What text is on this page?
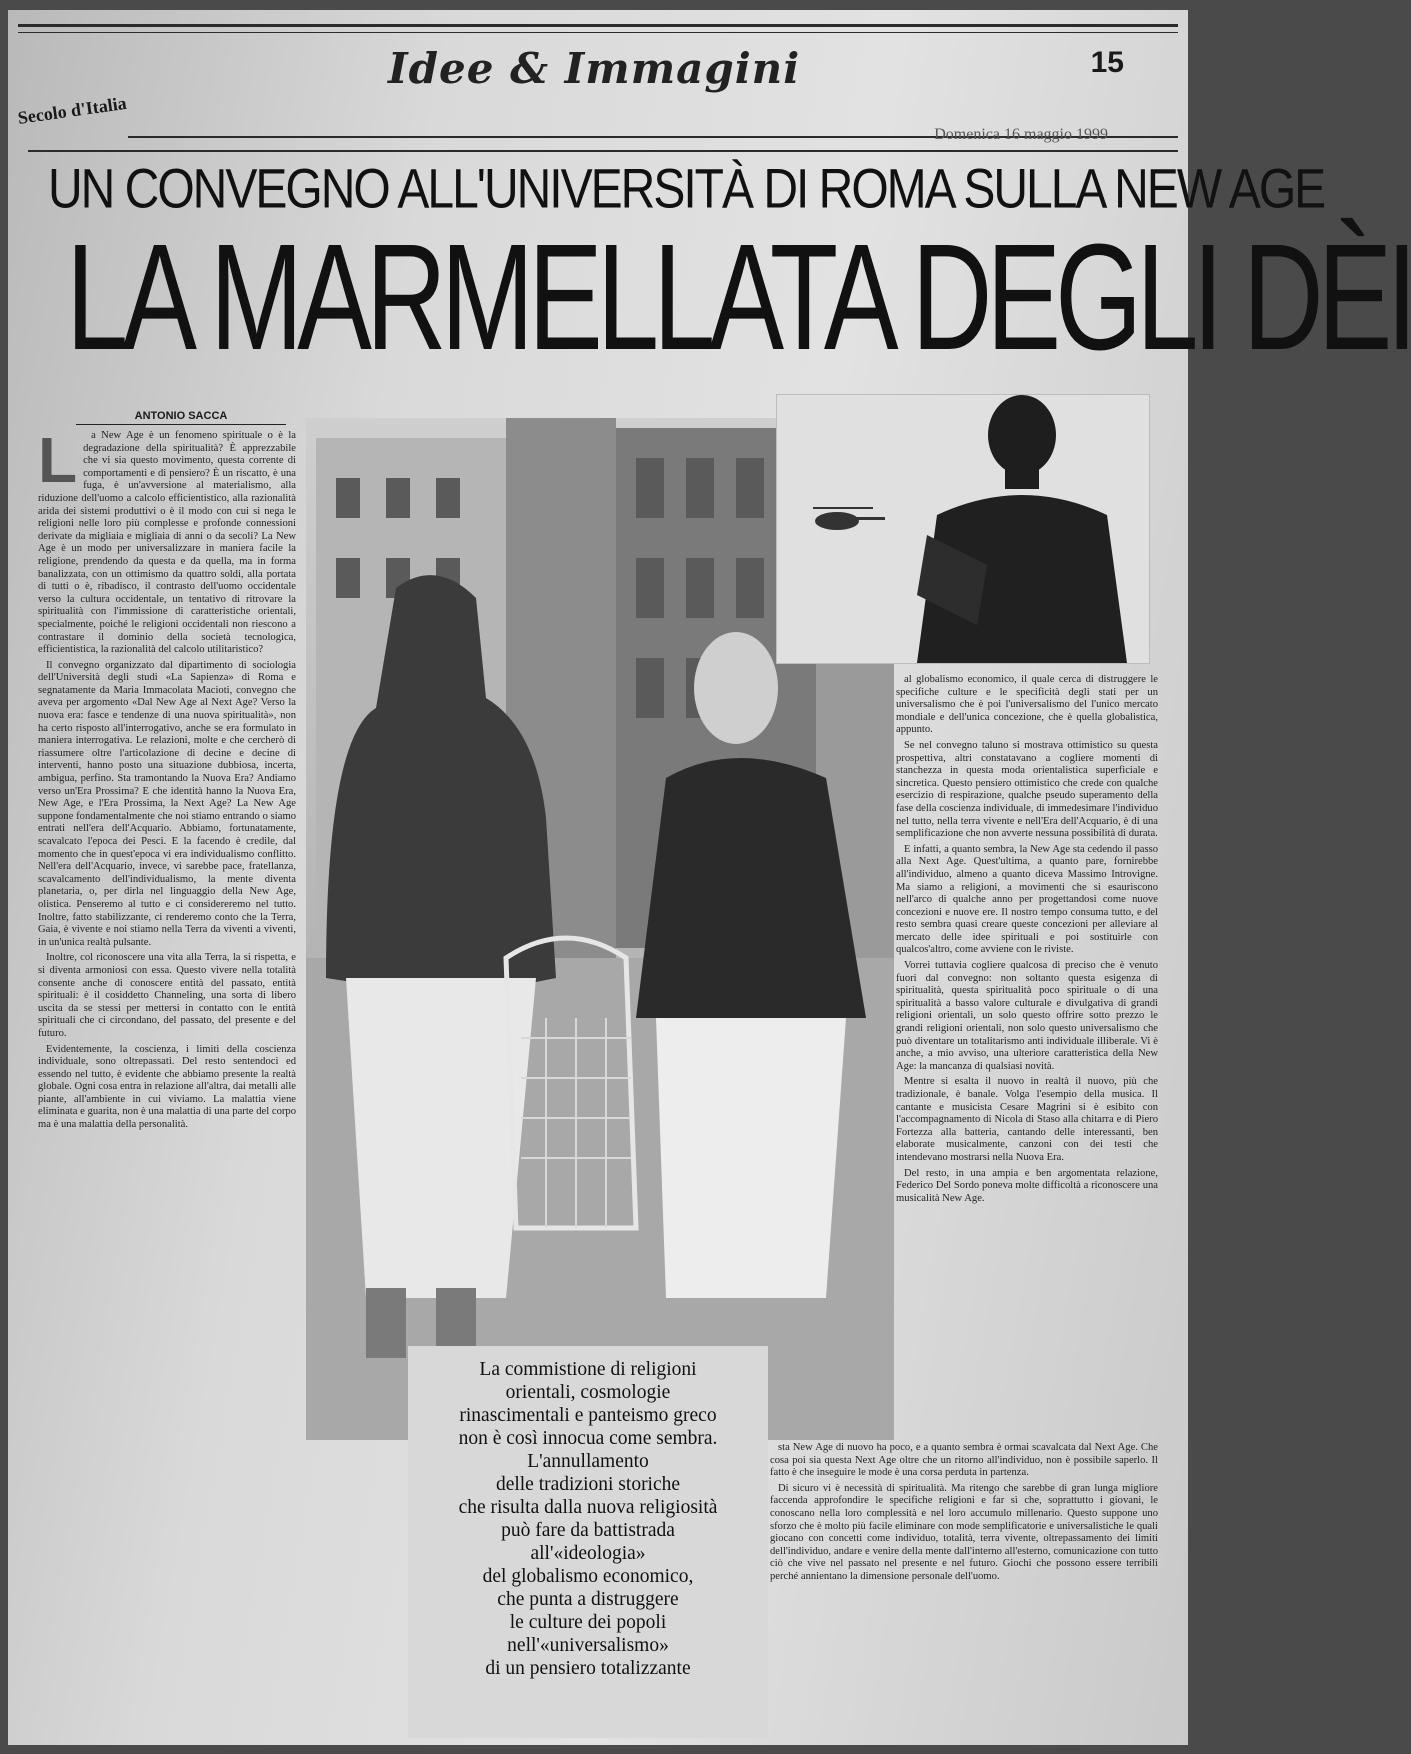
Idee & Immagini	15
Secolo d'Italia
Domenica 16 maggio 1999
UN CONVEGNO ALL'UNIVERSITÀ DI ROMA SULLA NEW AGE
LA MARMELLATA DEGLI DÈI
ANTONIO SACCA
L	a New Age è un fenomeno spirituale o è la degradazione della spiritualità? È apprezzabile che vi sia questo movimento, questa corrente di comportamenti e di pensiero? È un riscatto, è una fuga, è un'avversione al materialismo, alla riduzione dell'uomo a calcolo efficientistico, alla razionalità arida dei sistemi produttivi o è il modo con cui si nega le religioni nelle loro più complesse e profonde connessioni derivate da migliaia e migliaia di anni o da secoli? La New Age è un modo per universalizzare in maniera facile la religione, prendendo da questa e da quella, ma in forma banalizzata, con un ottimismo da quattro soldi, alla portata di tutti o è, ribadisco, il contrasto dell'uomo occidentale verso la cultura occidentale, un tentativo di ritrovare la spiritualità con l'immissione di caratteristiche orientali, specialmente, poiché le religioni occidentali non riescono a contrastare il dominio della società tecnologica, efficientistica, la razionalità del calcolo utilitaristico?

Il convegno organizzato dal dipartimento di sociologia dell'Università degli studi «La Sapienza» di Roma e segnatamente da Maria Immacolata Macioti, convegno che aveva per argomento «Dal New Age al Next Age? Verso la nuova era: fasce e tendenze di una nuova spiritualità», non ha certo risposto all'interrogativo, anche se era formulato in maniera interrogativa. Le relazioni, molte e che cercherò di riassumere oltre l'articolazione di decine e decine di interventi, hanno posto una situazione dubbiosa, incerta, ambigua, perfino. Sta tramontando la Nuova Era? Andiamo verso un'Era Prossima? E che identità hanno la Nuova Era, New Age, e l'Era Prossima, la Next Age? La New Age suppone fondamentalmente che noi stiamo entrando o siamo entrati nell'era dell'Acquario. Abbiamo, fortunatamente, scavalcato l'epoca dei Pesci. E la facendo è credile, dal momento che in quest'epoca vi era individualismo conflitto. Nell'era dell'Acquario, invece, vi sarebbe pace, fratellanza, scavalcamento dell'individualismo, la mente diventa planetaria, o, per dirla nel linguaggio della New Age, olistica. Penseremo al tutto e ci considereremo nel tutto. Inoltre, fatto stabilizzante, ci renderemo conto che la Terra, Gaia, è vivente e noi stiamo nella Terra da viventi a viventi, in un'unica realtà pulsante.

Inoltre, col riconoscere una vita alla Terra, la si rispetta, e si diventa armoniosi con essa. Questo vivere nella totalità consente anche di conoscere entità del passato, entità spirituali: è il cosiddetto Channeling, una sorta di libero uscita da se stessi per mettersi in contatto con le entità spirituali che ci circondano, del passato, del presente e del futuro.

Evidentemente, la coscienza, i limiti della coscienza individuale, sono oltrepassati. Del resto sentendoci ed essendo nel tutto, è evidente che abbiamo presente la realtà globale. Ogni cosa entra in relazione all'altra, dai metalli alle piante, all'ambiente in cui viviamo. La malattia viene eliminata e guarita, non è una malattia di una parte del corpo ma è una malattia della personalità.

al globalismo economico, il quale cerca di distruggere le specifiche culture e le specificità degli stati per un universalismo che è poi l'universalismo del l'unico mercato mondiale e dell'unica concezione, che è quella globalistica, appunto.

Se nel convegno taluno si mostrava ottimistico su questa prospettiva, altri constatavano a cogliere momenti di stanchezza in questa moda orientalistica superficiale e sincretica. Questo pensiero ottimistico che crede con qualche esercizio di respirazione, qualche pseudo superamento della fase della coscienza individuale, di immedesimare l'individuo nel tutto, nella terra vivente e nell'Era dell'Acquario, è di una semplificazione che non avverte nessuna possibilità di durata.

E infatti, a quanto sembra, la New Age sta cedendo il passo alla Next Age. Quest'ultima, a quanto pare, fornirebbe all'individuo, almeno a quanto diceva Massimo Introvigne. Ma siamo a religioni, a movimenti che si esauriscono nell'arco di qualche anno per progettandosi come nuove concezioni e nuove ere. Il nostro tempo consuma tutto, e del resto sembra quasi creare queste concezioni per alleviare al mercato delle idee spirituali e poi sostituirle con qualcos'altro, come avviene con le riviste.

Vorrei tuttavia cogliere qualcosa di preciso che è venuto fuori dal convegno: non soltanto questa esigenza di spiritualità, questa spiritualità poco spirituale o di una spiritualità a basso valore culturale e divulgativa di grandi religioni orientali, un solo questo offrire sotto prezzo le grandi religioni orientali, non solo questo universalismo che può diventare un totalitarismo anti individuale illiberale. Vi è anche, a mio avviso, una ulteriore caratteristica della New Age: la mancanza di qualsiasi novità.

Mentre si esalta il nuovo in realtà il nuovo, più che tradizionale, è banale. Volga l'esempio della musica. Il cantante e musicista Cesare Magrini si è esibito con l'accompagnamento di Nicola di Staso alla chitarra e di Piero Fortezza alla batteria, cantando delle interessanti, ben elaborate musicalmente, canzoni con dei testi che intendevano mostrarsi nella Nuova Era.

Del resto, in una ampia e ben argomentata relazione, Federico Del Sordo poneva molte difficoltà a riconoscere una musicalità New Age.

sta New Age di nuovo ha poco, e a quanto sembra è ormai scavalcata dal Next Age. Che cosa poi sia questa Next Age oltre che un ritorno all'individuo, non è possibile saperlo. Il fatto è che inseguire le mode è una corsa perduta in partenza.

Di sicuro vi è necessità di spiritualità. Ma ritengo che sarebbe di gran lunga migliore faccenda approfondire le specifiche religioni e far sì che, soprattutto i giovani, le conoscano nella loro complessità e nel loro accumulo millenario. Questo suppone uno sforzo che è molto più facile eliminare con mode semplificatorie e universalistiche le quali giocano con concetti come individuo, totalità, terra vivente, oltrepassamento dei limiti dell'individuo, andare e venire della mente dall'interno all'esterno, comunicazione con tutto ciò che vive nel passato nel presente e nel futuro. Giochi che possono essere terribili perché annientano la dimensione personale dell'uomo.

La commistione di religioni
orientali, cosmologie
rinascimentali e panteismo greco
non è così innocua come sembra.
L'annullamento
delle tradizioni storiche
che risulta dalla nuova religiosità
può fare da battistrada
all'«ideologia»
del globalismo economico,
che punta a distruggere
le culture dei popoli
nell'«universalismo»
di un pensiero totalizzante
